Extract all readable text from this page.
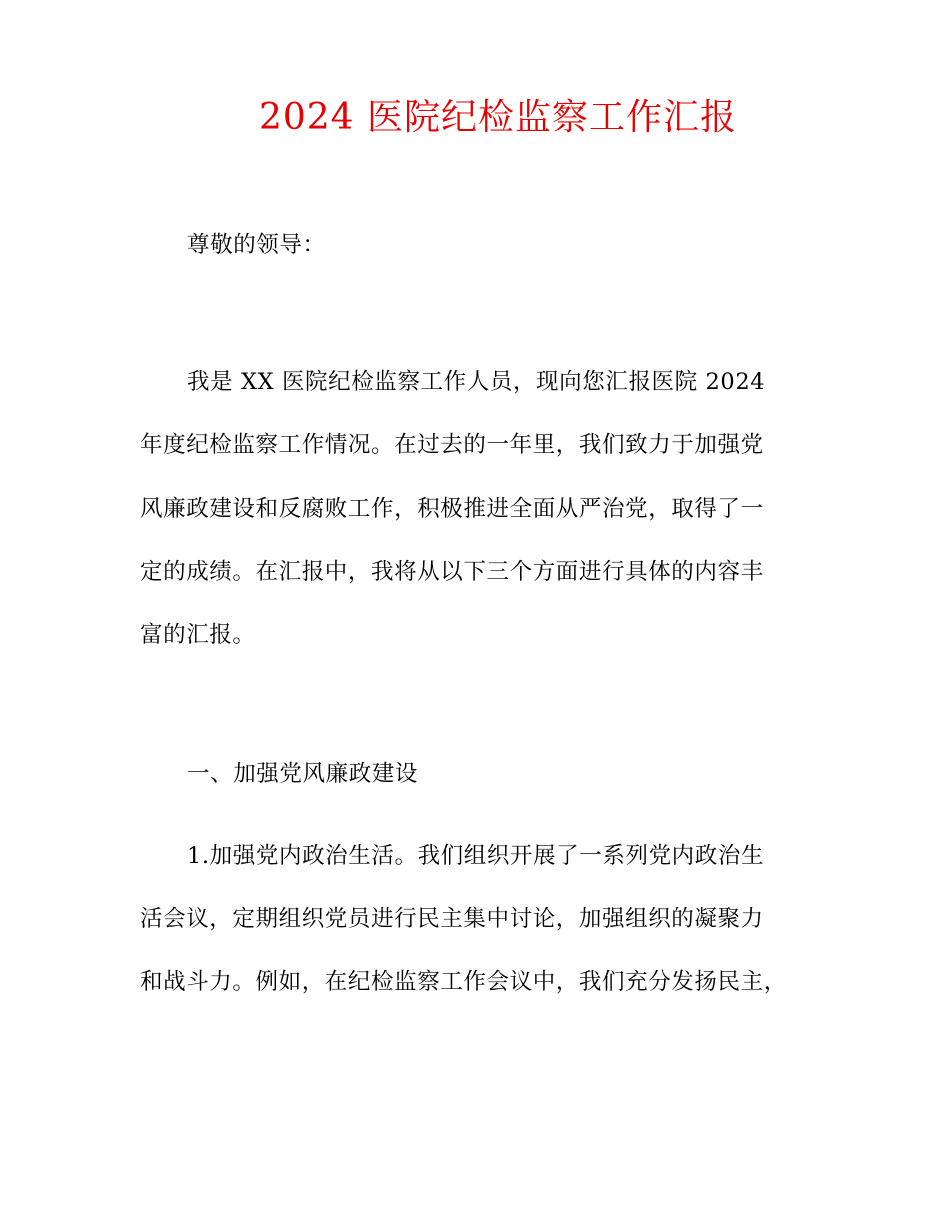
2024 医院纪检监察工作汇报
尊敬的领导：
我是 XX 医院纪检监察工作人员，现向您汇报医院 2024
年度纪检监察工作情况。在过去的一年里，我们致力于加强党
风廉政建设和反腐败工作，积极推进全面从严治党，取得了一
定的成绩。在汇报中，我将从以下三个方面进行具体的内容丰
富的汇报。
一、加强党风廉政建设
1.加强党内政治生活。我们组织开展了一系列党内政治生
活会议，定期组织党员进行民主集中讨论，加强组织的凝聚力
和战斗力。例如，在纪检监察工作会议中，我们充分发扬民主，
